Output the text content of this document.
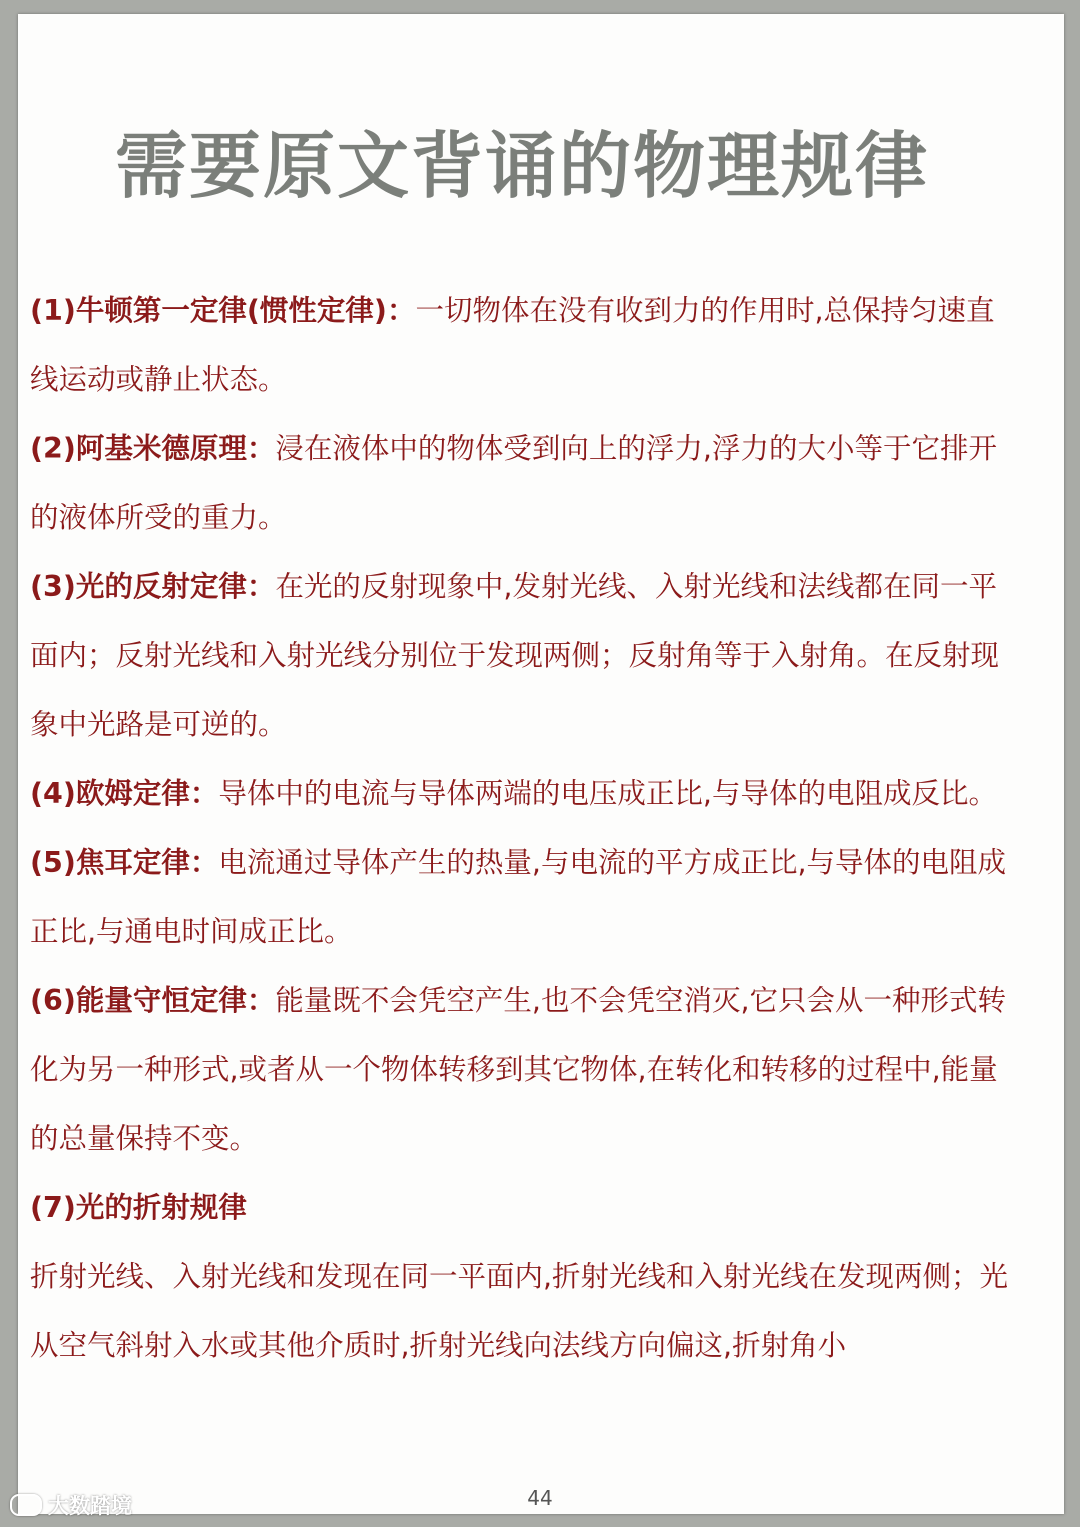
需要原文背诵的物理规律

(1)牛顿第一定律(惯性定律)：一切物体在没有收到力的作用时,总保持匀速直线运动或静止状态。

(2)阿基米德原理：浸在液体中的物体受到向上的浮力,浮力的大小等于它排开的液体所受的重力。

(3)光的反射定律：在光的反射现象中,发射光线、入射光线和法线都在同一平面内；反射光线和入射光线分别位于发现两侧；反射角等于入射角。在反射现象中光路是可逆的。

(4)欧姆定律：导体中的电流与导体两端的电压成正比,与导体的电阻成反比。

(5)焦耳定律：电流通过导体产生的热量,与电流的平方成正比,与导体的电阻成正比,与通电时间成正比。

(6)能量守恒定律：能量既不会凭空产生,也不会凭空消灭,它只会从一种形式转化为另一种形式,或者从一个物体转移到其它物体,在转化和转移的过程中,能量的总量保持不变。

(7)光的折射规律

折射光线、入射光线和发现在同一平面内,折射光线和入射光线在发现两侧；光从空气斜射入水或其他介质时,折射光线向法线方向偏这,折射角小

44
大数踏境
